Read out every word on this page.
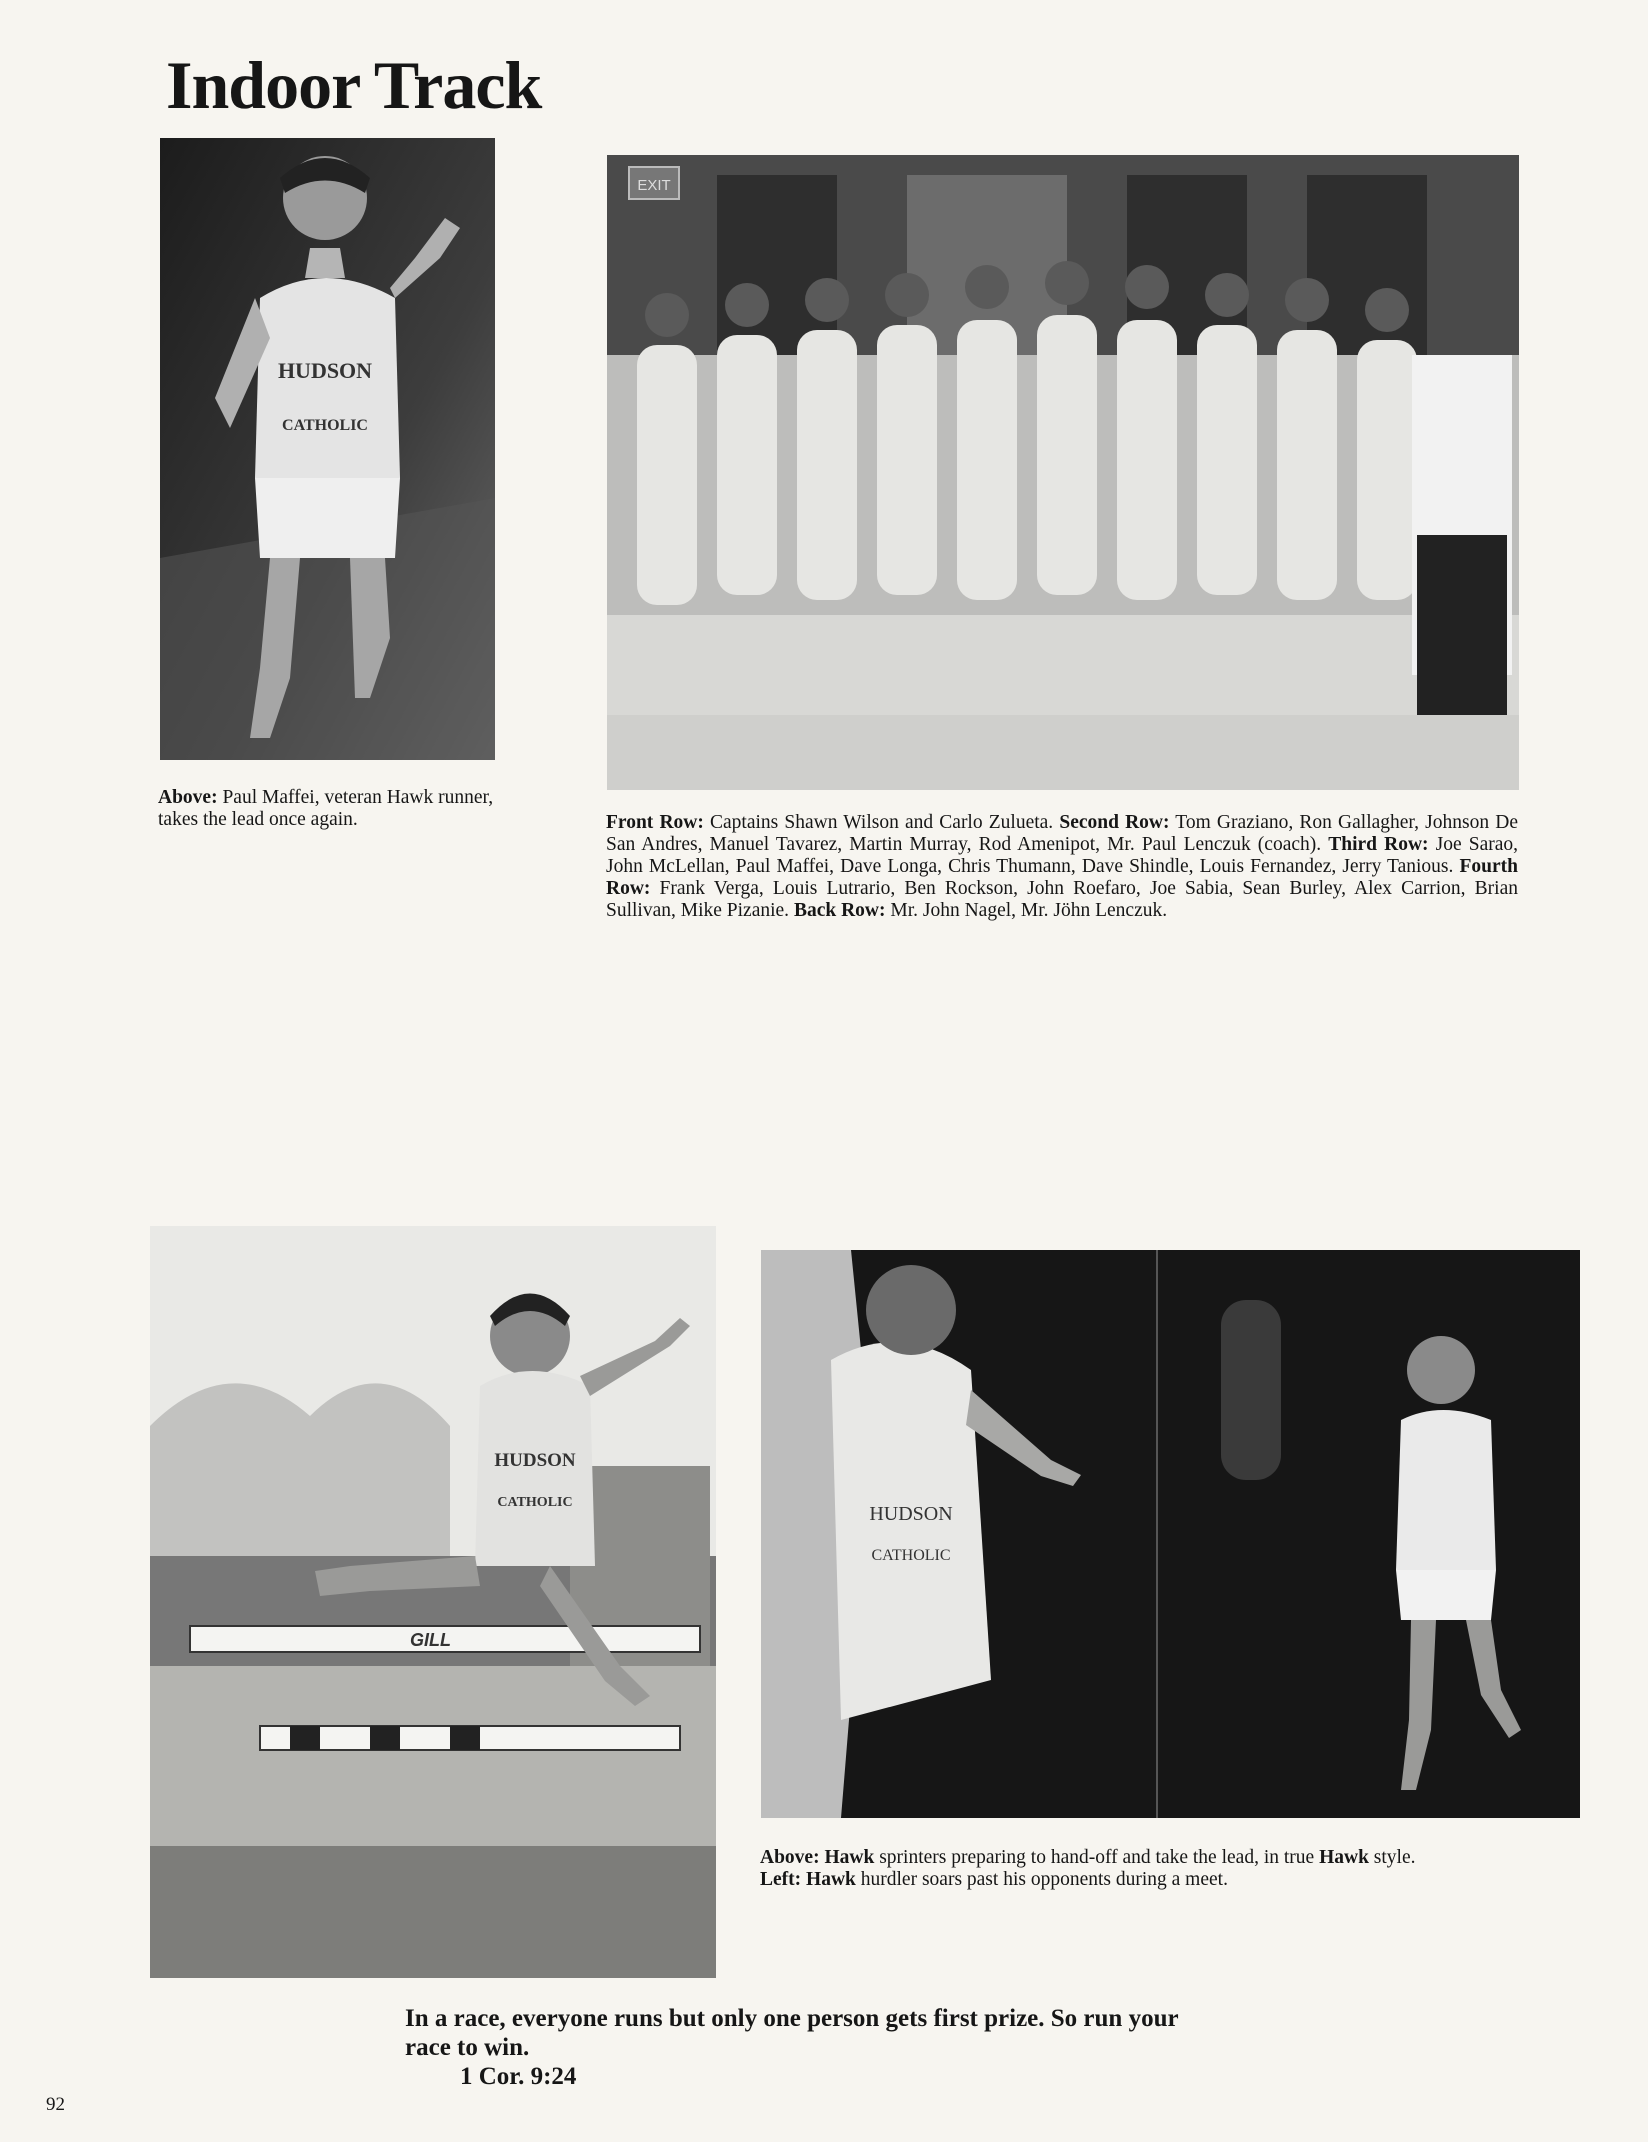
Indoor Track
HUDSON
CATHOLIC

Above: Paul Maffei, veteran Hawk runner, takes the lead once again.

EXIT

Front Row: Captains Shawn Wilson and Carlo Zulueta. Second Row: Tom Graziano, Ron Gallagher, Johnson De San Andres, Manuel Tavarez, Martin Murray, Rod Amenipot, Mr. Paul Lenczuk (coach). Third Row: Joe Sarao, John McLellan, Paul Maffei, Dave Longa, Chris Thumann, Dave Shindle, Louis Fernandez, Jerry Tanious. Fourth Row: Frank Verga, Louis Lutrario, Ben Rockson, John Roefaro, Joe Sabia, Sean Burley, Alex Carrion, Brian Sullivan, Mike Pizanie. Back Row: Mr. John Nagel, Mr. Jöhn Lenczuk.

GILL
HUDSON
CATHOLIC
HUDSON
CATHOLIC

Above: Hawk sprinters preparing to hand-off and take the lead, in true Hawk style.
Left: Hawk hurdler soars past his opponents during a meet.

In a race, everyone runs but only one person gets first prize. So run your
race to win.
1 Cor. 9:24
92
